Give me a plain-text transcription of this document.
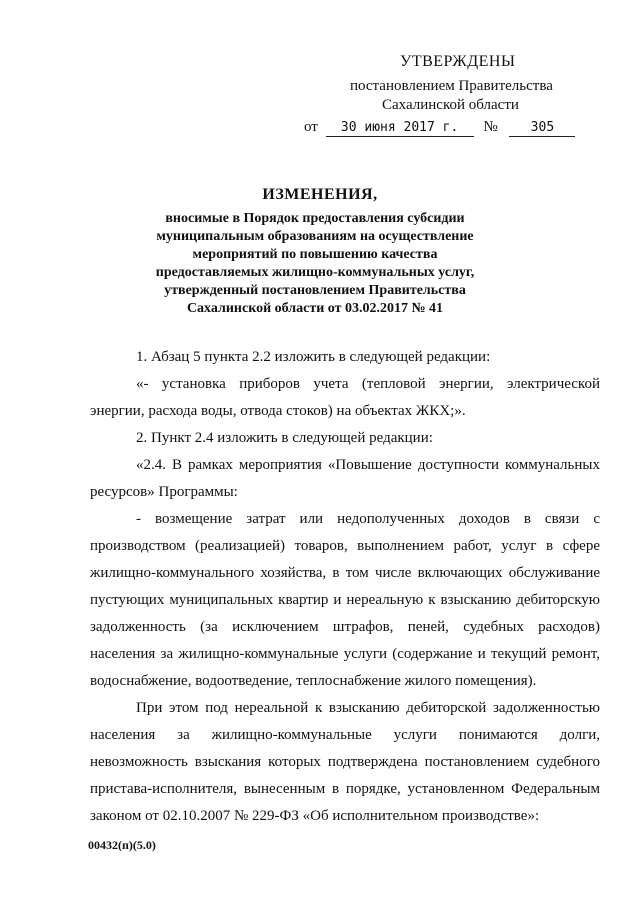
УТВЕРЖДЕНЫ
постановлением Правительства
Сахалинской области
от 30 июня 2017 г. №	305
ИЗМЕНЕНИЯ,
вносимые в Порядок предоставления субсидии муниципальным образованиям на осуществление мероприятий по повышению качества предоставляемых жилищно-коммунальных услуг, утвержденный постановлением Правительства Сахалинской области от 03.02.2017 № 41

1. Абзац 5 пункта 2.2 изложить в следующей редакции:

«- установка приборов учета (тепловой энергии, электрической энергии, расхода воды, отвода стоков) на объектах ЖКХ;».

2. Пункт 2.4 изложить в следующей редакции:

«2.4. В рамках мероприятия «Повышение доступности коммунальных ресурсов» Программы:

- возмещение затрат или недополученных доходов в связи с производством (реализацией) товаров, выполнением работ, услуг в сфере жилищно-коммунального хозяйства, в том числе включающих обслуживание пустующих муниципальных квартир и нереальную к взысканию дебиторскую задолженность (за исключением штрафов, пеней, судебных расходов) населения за жилищно-коммунальные услуги (содержание и текущий ремонт, водоснабжение, водоотведение, теплоснабжение жилого помещения).

При этом под нереальной к взысканию дебиторской задолженностью населения за жилищно-коммунальные услуги понимаются долги, невозможность взыскания которых подтверждена постановлением судебного пристава-исполнителя, вынесенным в порядке, установленном Федеральным законом от 02.10.2007 № 229-ФЗ «Об исполнительном производстве»:

00432(п)(5.0)
